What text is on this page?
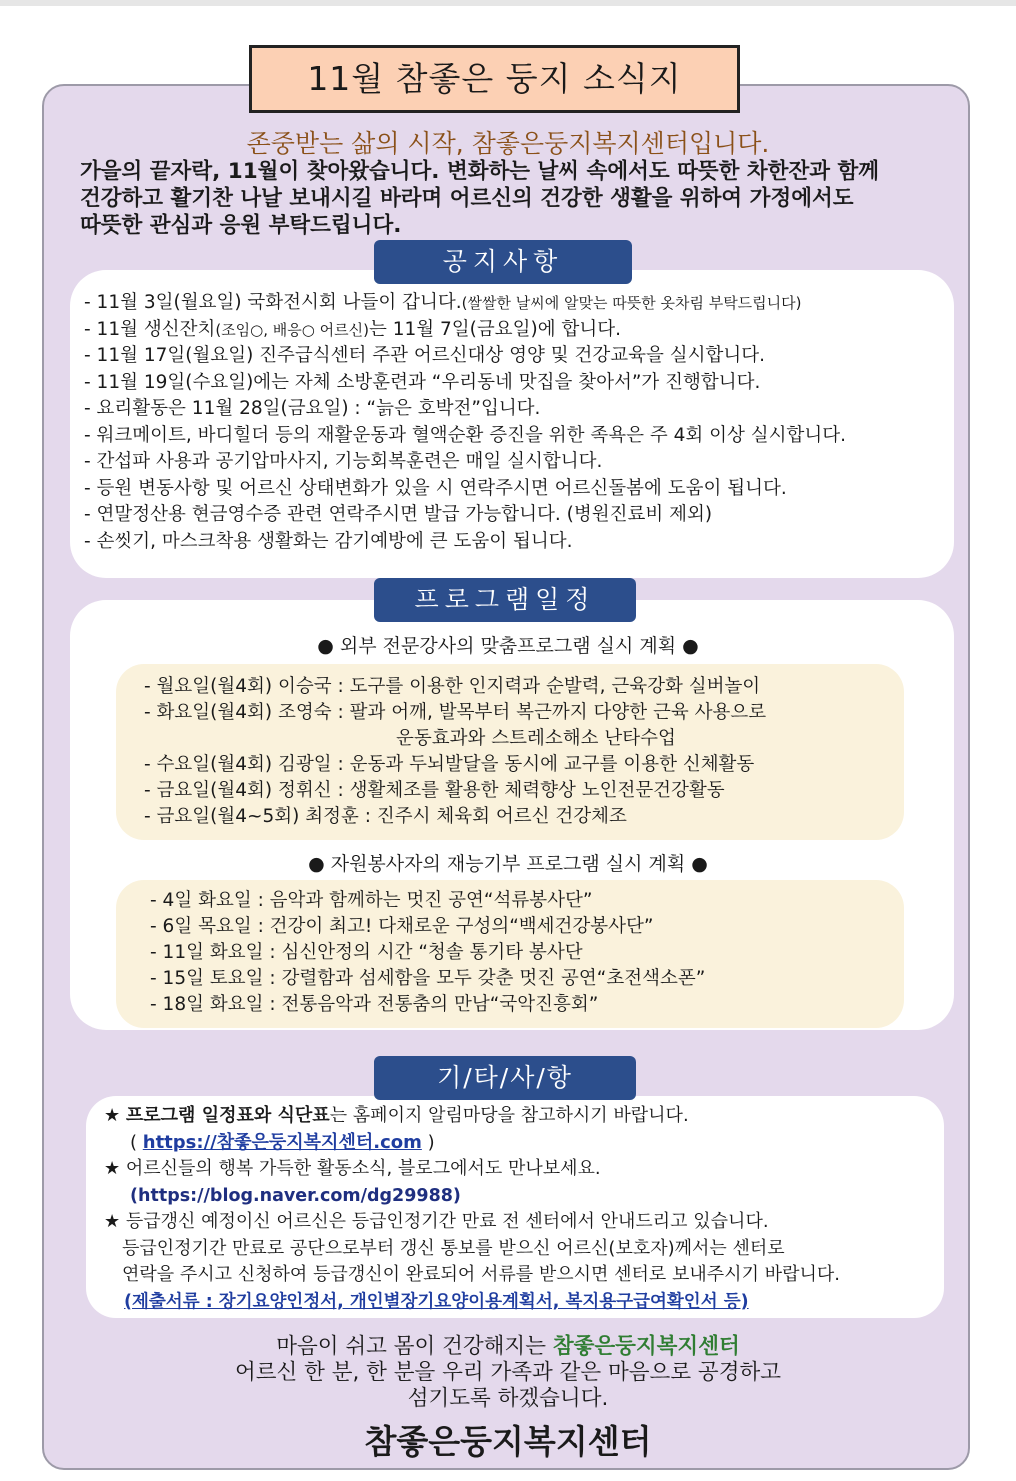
11월 참좋은 둥지 소식지
존중받는 삶의 시작, 참좋은둥지복지센터입니다.
가을의 끝자락, 11월이 찾아왔습니다. 변화하는 날씨 속에서도 따뜻한 차한잔과 함께
건강하고 활기찬 나날 보내시길 바라며 어르신의 건강한 생활을 위하여 가정에서도
따뜻한 관심과 응원 부탁드립니다.
공지사항
- 11월 3일(월요일) 국화전시회 나들이 갑니다.(쌀쌀한 날씨에 알맞는 따뜻한 옷차림 부탁드립니다)
- 11월 생신잔치(조임○, 배응○ 어르신)는 11월 7일(금요일)에 합니다.
- 11월 17일(월요일) 진주급식센터 주관 어르신대상 영양 및 건강교육을 실시합니다.
- 11월 19일(수요일)에는 자체 소방훈련과 “우리동네 맛집을 찾아서”가 진행합니다.
- 요리활동은 11월 28일(금요일) : “늙은 호박전”입니다.
- 워크메이트, 바디힐더 등의 재활운동과 혈액순환 증진을 위한 족욕은 주 4회 이상 실시합니다.
- 간섭파 사용과 공기압마사지, 기능회복훈련은 매일 실시합니다.
- 등원 변동사항 및 어르신 상태변화가 있을 시 연락주시면 어르신돌봄에 도움이 됩니다.
- 연말정산용 현금영수증 관련 연락주시면 발급 가능합니다. (병원진료비 제외)
- 손씻기, 마스크착용 생활화는 감기예방에 큰 도움이 됩니다.
프로그램일정
● 외부 전문강사의 맞춤프로그램 실시 계획 ●
- 월요일(월4회) 이승국 : 도구를 이용한 인지력과 순발력, 근육강화 실버놀이
- 화요일(월4회) 조영숙 : 팔과 어깨, 발목부터 복근까지 다양한 근육 사용으로
운동효과와 스트레소해소 난타수업
- 수요일(월4회) 김광일 : 운동과 두뇌발달을 동시에 교구를 이용한 신체활동
- 금요일(월4회) 정휘신 : 생활체조를 활용한 체력향상 노인전문건강활동
- 금요일(월4~5회) 최정훈 : 진주시 체육회 어르신 건강체조
● 자원봉사자의 재능기부 프로그램 실시 계획 ●
- 4일 화요일 : 음악과 함께하는 멋진 공연“석류봉사단”
- 6일 목요일 : 건강이 최고! 다채로운 구성의“백세건강봉사단”
- 11일 화요일 : 심신안정의 시간 “청솔 통기타 봉사단
- 15일 토요일 : 강렬함과 섬세함을 모두 갖춘 멋진 공연“초전색소폰”
- 18일 화요일 : 전통음악과 전통춤의 만남“국악진흥회”
기/타/사/항
★ 프로그램 일정표와 식단표는 홈페이지 알림마당을 참고하시기 바랍니다.
( https://참좋은둥지복지센터.com )
★ 어르신들의 행복 가득한 활동소식, 블로그에서도 만나보세요.
(https://blog.naver.com/dg29988)
★ 등급갱신 예정이신 어르신은 등급인정기간 만료 전 센터에서 안내드리고 있습니다.
등급인정기간 만료로 공단으로부터 갱신 통보를 받으신 어르신(보호자)께서는 센터로
연락을 주시고 신청하여 등급갱신이 완료되어 서류를 받으시면 센터로 보내주시기 바랍니다.
(제출서류 : 장기요양인정서, 개인별장기요양이용계획서, 복지용구급여확인서 등)
마음이 쉬고 몸이 건강해지는 참좋은둥지복지센터
어르신 한 분, 한 분을 우리 가족과 같은 마음으로 공경하고
섬기도록 하겠습니다.
참좋은둥지복지센터
